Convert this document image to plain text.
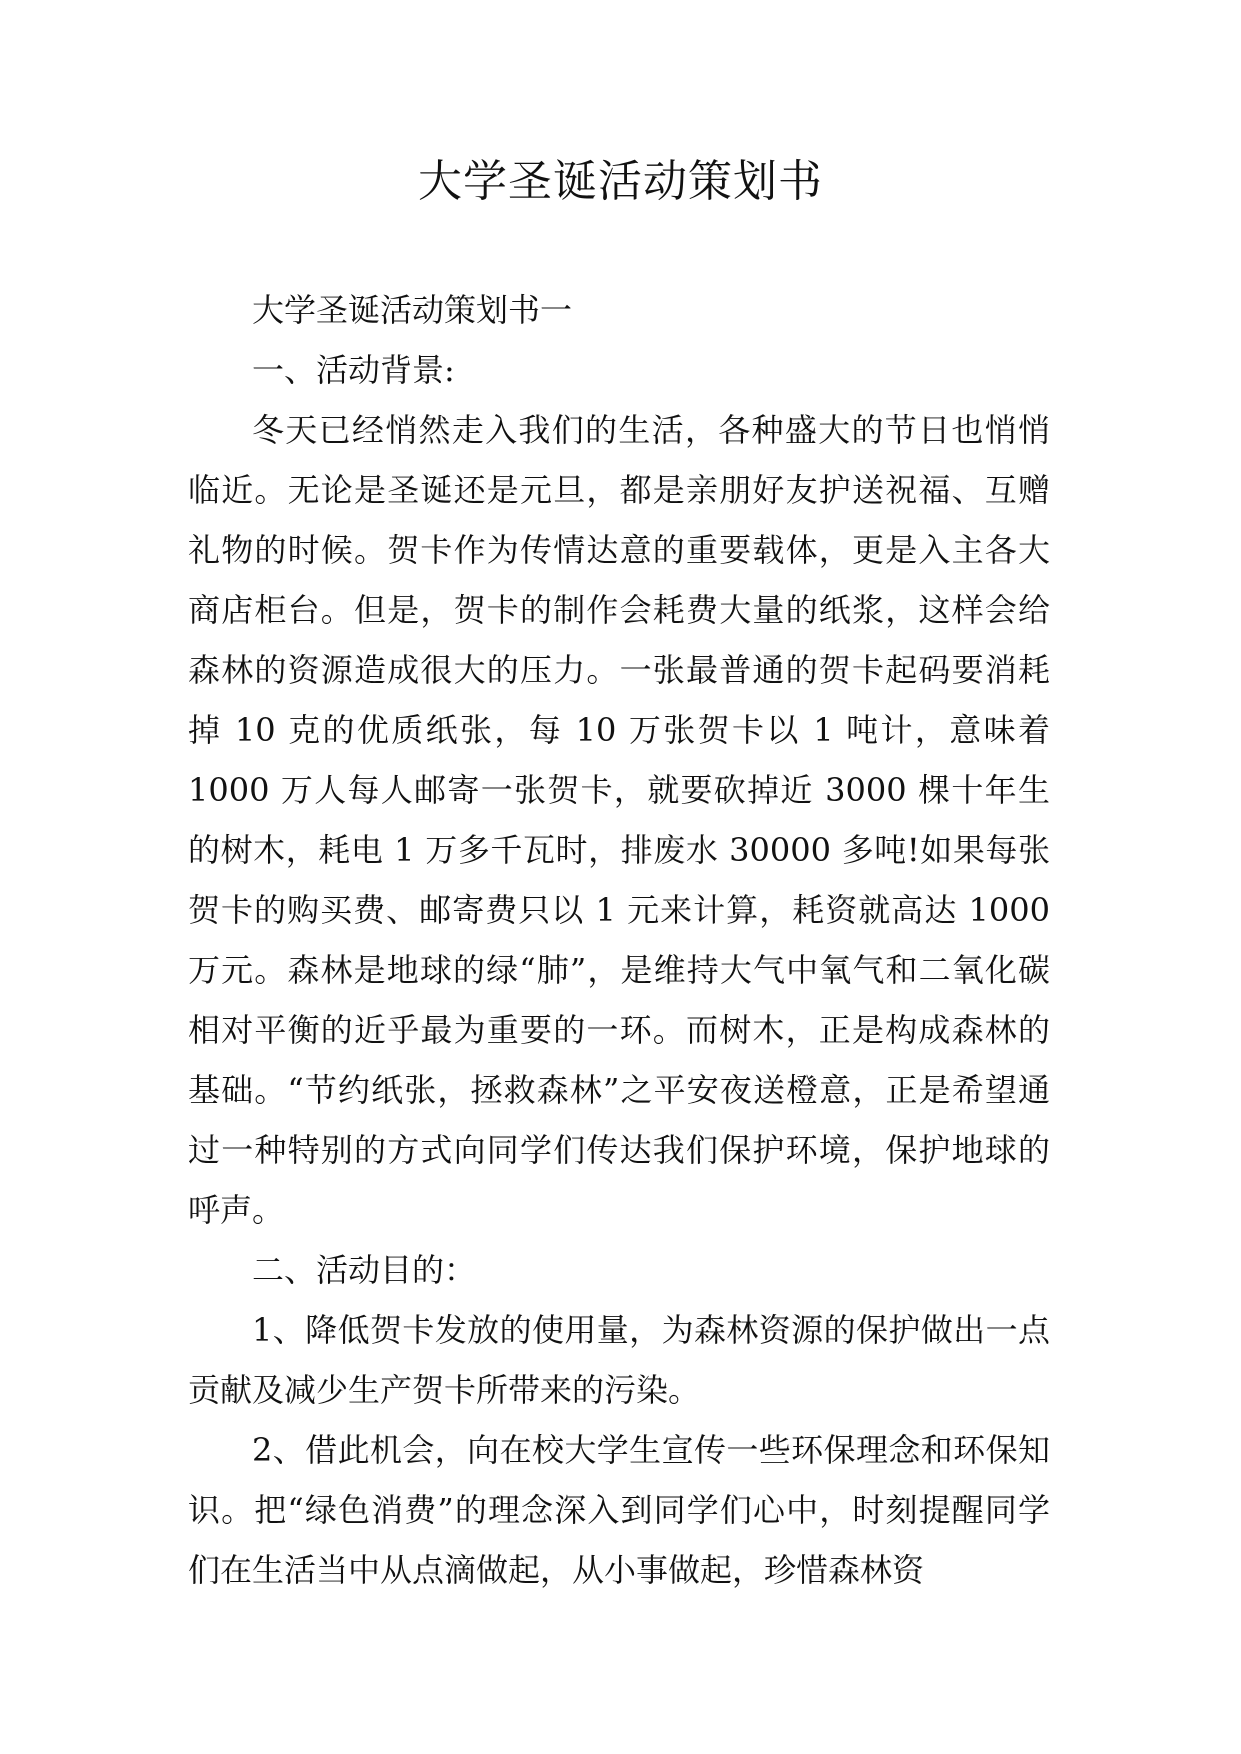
大学圣诞活动策划书

大学圣诞活动策划书一

一、活动背景:

冬天已经悄然走入我们的生活，各种盛大的节日也悄悄临近。无论是圣诞还是元旦，都是亲朋好友护送祝福、互赠礼物的时候。贺卡作为传情达意的重要载体，更是入主各大商店柜台。但是，贺卡的制作会耗费大量的纸浆，这样会给森林的资源造成很大的压力。一张最普通的贺卡起码要消耗掉 10 克的优质纸张，每 10 万张贺卡以 1 吨计，意味着 1000 万人每人邮寄一张贺卡，就要砍掉近 3000 棵十年生的树木，耗电 1 万多千瓦时，排废水 30000 多吨!如果每张贺卡的购买费、邮寄费只以 1 元来计算，耗资就高达 1000 万元。森林是地球的绿“肺”，是维持大气中氧气和二氧化碳相对平衡的近乎最为重要的一环。而树木，正是构成森林的基础。“节约纸张，拯救森林”之平安夜送橙意，正是希望通过一种特别的方式向同学们传达我们保护环境，保护地球的呼声。

二、活动目的：

1、降低贺卡发放的使用量，为森林资源的保护做出一点贡献及减少生产贺卡所带来的污染。

2、借此机会，向在校大学生宣传一些环保理念和环保知识。把“绿色消费”的理念深入到同学们心中，时刻提醒同学们在生活当中从点滴做起，从小事做起，珍惜森林资
